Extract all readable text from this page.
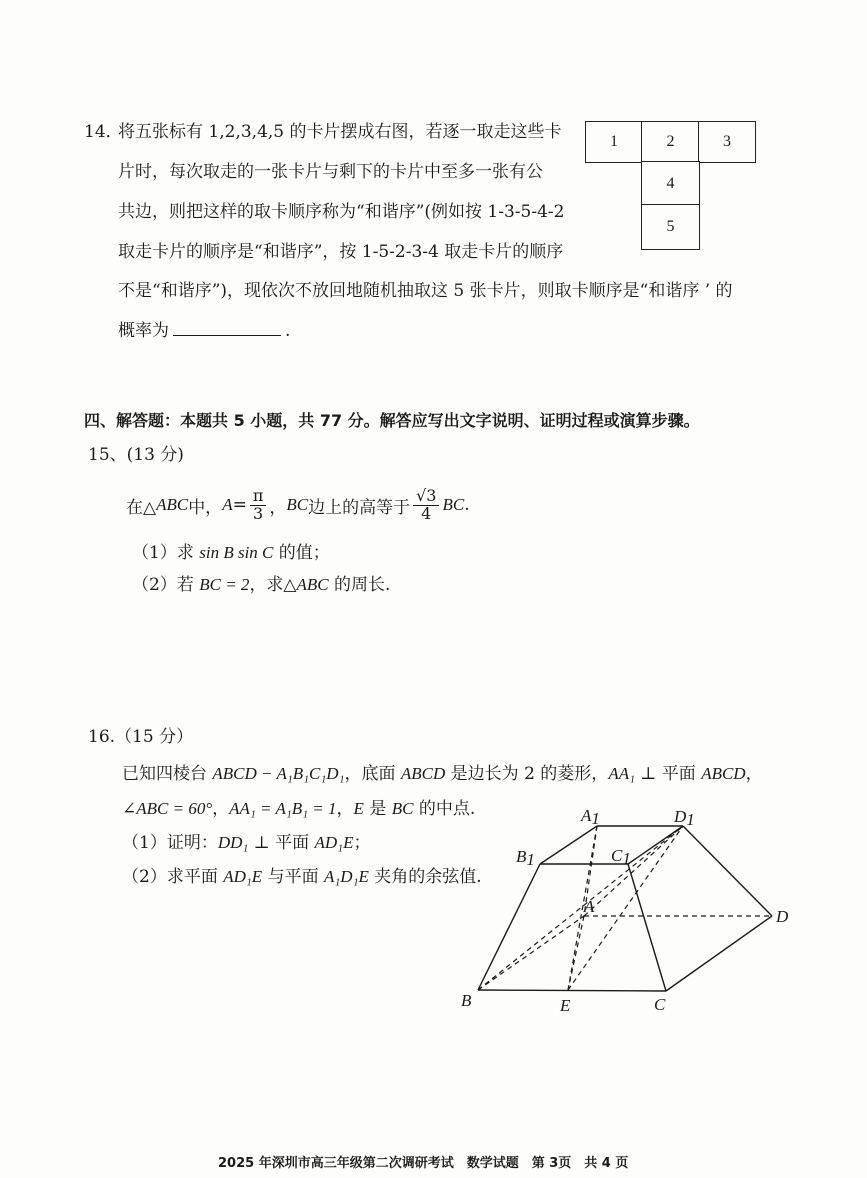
14．
将五张标有 1,2,3,4,5 的卡片摆成右图，若逐一取走这些卡
片时，每次取走的一张卡片与剩下的卡片中至多一张有公
共边，则把这样的取卡顺序称为“和谐序”(例如按 1-3-5-4-2
取走卡片的顺序是“和谐序”，按 1-5-2-3-4 取走卡片的顺序
不是“和谐序”)，现依次不放回地随机抽取这 5 张卡片，则取卡顺序是“和谐序 ’ 的
概率为	.
1	2	3
4
5
四、解答题：本题共 5 小题，共 77 分。解答应写出文字说明、证明过程或演算步骤。
15、(13 分)
在△ ABC 中， $A = \frac{\pi}{3}$ ， BC 边上的高等于 $\frac{√3}{4}$ BC .
（1）求 sin B sin C 的值；
（2）若 BC = 2，求△ABC 的周长.
16.（15 分）
已知四棱台 ABCD − A₁B₁C₁D₁，底面 ABCD 是边长为 2 的菱形，AA₁ ⊥ 平面 ABCD，
∠ABC = 60°，AA₁ = A₁B₁ = 1，E 是 BC 的中点.
（1）证明：DD₁ ⊥ 平面 AD₁E；
（2）求平面 AD₁E 与平面 A₁D₁E 夹角的余弦值.
A1	D1
B1	C1
A
D
B	E	C
2025 年深圳市高三年级第二次调研考试　数学试题　第 3页　共 4 页
